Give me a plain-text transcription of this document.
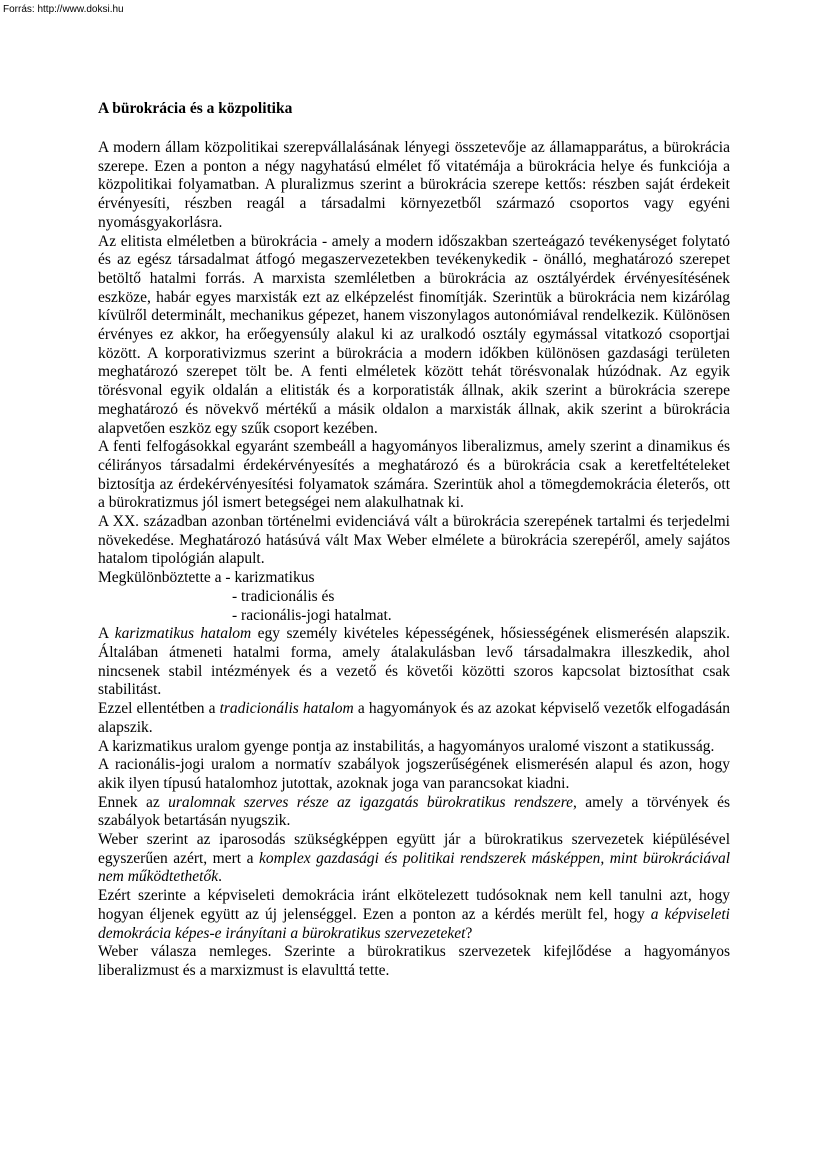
Forrás: http://www.doksi.hu
A bürokrácia és a közpolitika

A modern állam közpolitikai szerepvállalásának lényegi összetevője az államapparátus, a bürokrácia szerepe. Ezen a ponton a négy nagyhatású elmélet fő vitatémája a bürokrácia helye és funkciója a közpolitikai folyamatban. A pluralizmus szerint a bürokrácia szerepe kettős: részben saját érdekeit érvényesíti, részben reagál a társadalmi környezetből származó csoportos vagy egyéni nyomásgyakorlásra.

Az elitista elméletben a bürokrácia - amely a modern időszakban szerteágazó tevékenységet folytató és az egész társadalmat átfogó megaszervezetekben tevékenykedik - önálló, meghatározó szerepet betöltő hatalmi forrás. A marxista szemléletben a bürokrácia az osztályérdek érvényesítésének eszköze, habár egyes marxisták ezt az elképzelést finomítják. Szerintük a bürokrácia nem kizárólag kívülről determinált, mechanikus gépezet, hanem viszonylagos autonómiával rendelkezik. Különösen érvényes ez akkor, ha erőegyensúly alakul ki az uralkodó osztály egymással vitatkozó csoportjai között. A korporativizmus szerint a bürokrácia a modern időkben különösen gazdasági területen meghatározó szerepet tölt be. A fenti elméletek között tehát törésvonalak húzódnak. Az egyik törésvonal egyik oldalán a elitisták és a korporatisták állnak, akik szerint a bürokrácia szerepe meghatározó és növekvő mértékű a másik oldalon a marxisták állnak, akik szerint a bürokrácia alapvetően eszköz egy szűk csoport kezében.

A fenti felfogásokkal egyaránt szembeáll a hagyományos liberalizmus, amely szerint a dinamikus és célirányos társadalmi érdekérvényesítés a meghatározó és a bürokrácia csak a keretfeltételeket biztosítja az érdekérvényesítési folyamatok számára. Szerintük ahol a tömegdemokrácia életerős, ott a bürokratizmus jól ismert betegségei nem alakulhatnak ki.

A XX. században azonban történelmi evidenciává vált a bürokrácia szerepének tartalmi és terjedelmi növekedése. Meghatározó hatásúvá vált Max Weber elmélete a bürokrácia szerepéről, amely sajátos hatalom tipológián alapult.

Megkülönböztette a - karizmatikus

- tradicionális és

- racionális-jogi hatalmat.

A karizmatikus hatalom egy személy kivételes képességének, hősiességének elismerésén alapszik. Általában átmeneti hatalmi forma, amely átalakulásban levő társadalmakra illeszkedik, ahol nincsenek stabil intézmények és a vezető és követői közötti szoros kapcsolat biztosíthat csak stabilitást.

Ezzel ellentétben a tradicionális hatalom a hagyományok és az azokat képviselő vezetők elfogadásán alapszik.

A karizmatikus uralom gyenge pontja az instabilitás, a hagyományos uralomé viszont a statikusság.

A racionális-jogi uralom a normatív szabályok jogszerűségének elismerésén alapul és azon, hogy akik ilyen típusú hatalomhoz jutottak, azoknak joga van parancsokat kiadni.

Ennek az uralomnak szerves része az igazgatás bürokratikus rendszere, amely a törvények és szabályok betartásán nyugszik.

Weber szerint az iparosodás szükségképpen együtt jár a bürokratikus szervezetek kiépülésével egyszerűen azért, mert a komplex gazdasági és politikai rendszerek másképpen, mint bürokráciával nem működtethetők.

Ezért szerinte a képviseleti demokrácia iránt elkötelezett tudósoknak nem kell tanulni azt, hogy hogyan éljenek együtt az új jelenséggel. Ezen a ponton az a kérdés merült fel, hogy a képviseleti demokrácia képes-e irányítani a bürokratikus szervezeteket?

Weber válasza nemleges. Szerinte a bürokratikus szervezetek kifejlődése a hagyományos liberalizmust és a marxizmust is elavulttá tette.
